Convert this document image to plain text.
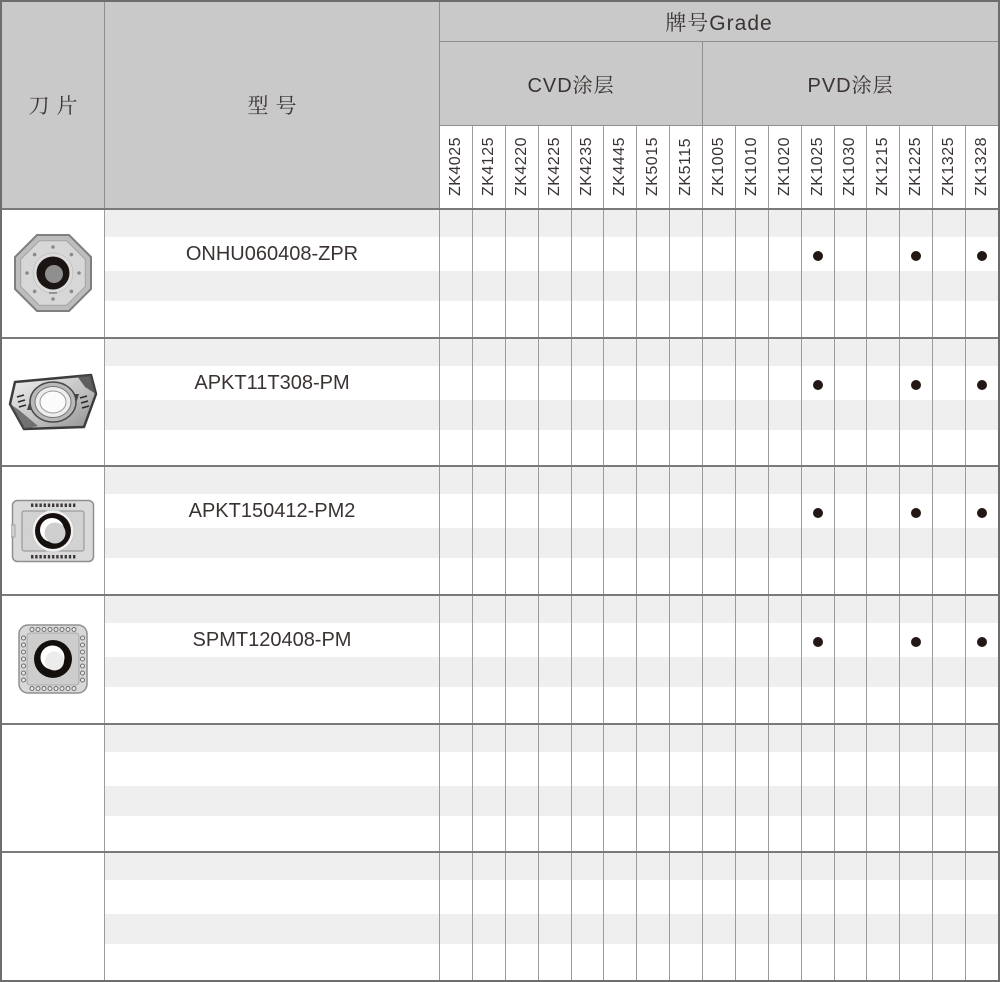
刀片	型号
牌号Grade
CVD涂层	PVD涂层
ZK4025 ZK4125 ZK4220 ZK4225 ZK4235 ZK4445 ZK5015 ZK5115 ZK1005 ZK1010 ZK1020 ZK1025 ZK1030 ZK1215 ZK1225 ZK1325 ZK1328
ONHU060408-ZPR
APKT11T308-PM
APKT150412-PM2
SPMT120408-PM
